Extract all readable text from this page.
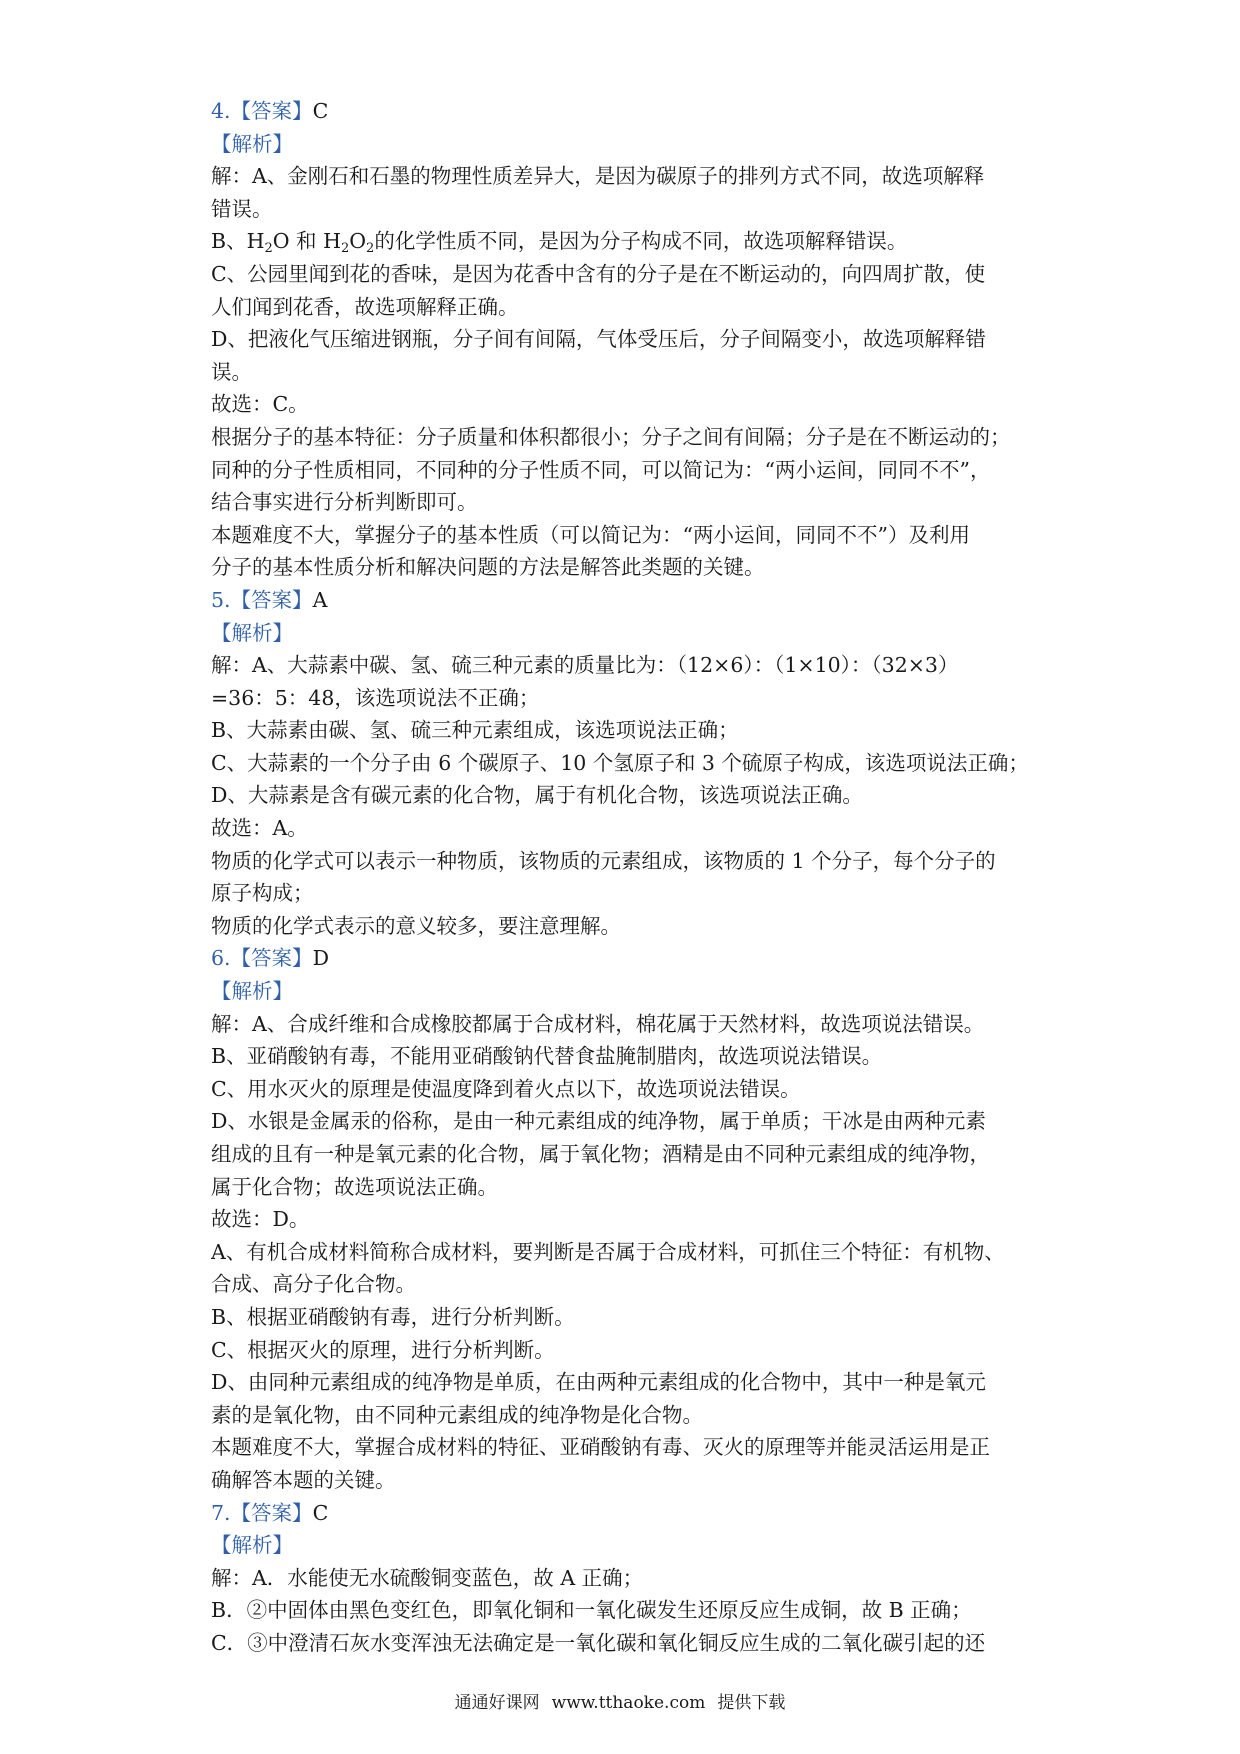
4.【答案】C
【解析】
解：A、金刚石和石墨的物理性质差异大，是因为碳原子的排列方式不同，故选项解释
错误。
B、$H_2O$ 和 $H_2O_2$的化学性质不同，是因为分子构成不同，故选项解释错误。
C、公园里闻到花的香味，是因为花香中含有的分子是在不断运动的，向四周扩散，使
人们闻到花香，故选项解释正确。
D、把液化气压缩进钢瓶，分子间有间隔，气体受压后，分子间隔变小，故选项解释错
误。
故选：C。
根据分子的基本特征：分子质量和体积都很小；分子之间有间隔；分子是在不断运动的；
同种的分子性质相同，不同种的分子性质不同，可以简记为：“两小运间，同同不不”，
结合事实进行分析判断即可。
本题难度不大，掌握分子的基本性质（可以简记为：“两小运间，同同不不”）及利用
分子的基本性质分析和解决问题的方法是解答此类题的关键。
5.【答案】A
【解析】
解：A、大蒜素中碳、氢、硫三种元素的质量比为：（12×6）：（1×10）：（32×3）
=36：5：48，该选项说法不正确；
B、大蒜素由碳、氢、硫三种元素组成，该选项说法正确；
C、大蒜素的一个分子由 6 个碳原子、10 个氢原子和 3 个硫原子构成，该选项说法正确；
D、大蒜素是含有碳元素的化合物，属于有机化合物，该选项说法正确。
故选：A。
物质的化学式可以表示一种物质，该物质的元素组成，该物质的 1 个分子，每个分子的
原子构成；
物质的化学式表示的意义较多，要注意理解。
6.【答案】D
【解析】
解：A、合成纤维和合成橡胶都属于合成材料，棉花属于天然材料，故选项说法错误。
B、亚硝酸钠有毒，不能用亚硝酸钠代替食盐腌制腊肉，故选项说法错误。
C、用水灭火的原理是使温度降到着火点以下，故选项说法错误。
D、水银是金属汞的俗称，是由一种元素组成的纯净物，属于单质；干冰是由两种元素
组成的且有一种是氧元素的化合物，属于氧化物；酒精是由不同种元素组成的纯净物，
属于化合物；故选项说法正确。
故选：D。
A、有机合成材料简称合成材料，要判断是否属于合成材料，可抓住三个特征：有机物、
合成、高分子化合物。
B、根据亚硝酸钠有毒，进行分析判断。
C、根据灭火的原理，进行分析判断。
D、由同种元素组成的纯净物是单质，在由两种元素组成的化合物中，其中一种是氧元
素的是氧化物，由不同种元素组成的纯净物是化合物。
本题难度不大，掌握合成材料的特征、亚硝酸钠有毒、灭火的原理等并能灵活运用是正
确解答本题的关键。
7.【答案】C
【解析】
解：A．水能使无水硫酸铜变蓝色，故 A 正确；
B．②中固体由黑色变红色，即氧化铜和一氧化碳发生还原反应生成铜，故 B 正确；
C．③中澄清石灰水变浑浊无法确定是一氧化碳和氧化铜反应生成的二氧化碳引起的还
通通好课网 www.tthaoke.com 提供下载
